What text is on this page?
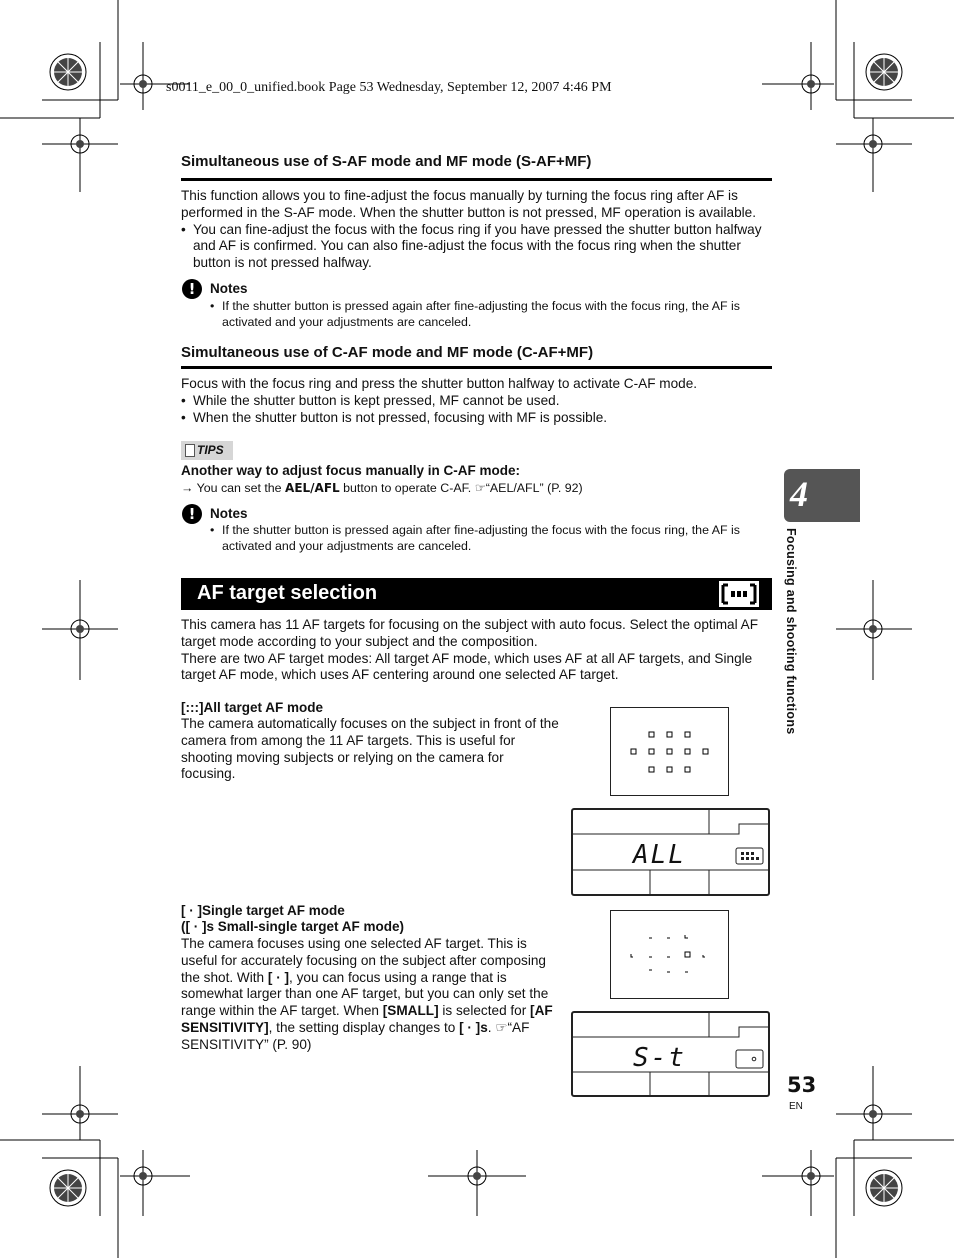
s0011_e_00_0_unified.book Page 53 Wednesday, September 12, 2007 4:46 PM
Simultaneous use of S-AF mode and MF mode (S-AF+MF)

This function allows you to fine-adjust the focus manually by turning the focus ring after AF is performed in the S-AF mode. When the shutter button is not pressed, MF operation is available.

• You can fine-adjust the focus with the focus ring if you have pressed the shutter button halfway and AF is confirmed. You can also fine-adjust the focus with the focus ring when the shutter button is not pressed halfway.

!	Notes

• If the shutter button is pressed again after fine-adjusting the focus with the focus ring, the AF is activated and your adjustments are canceled.

Simultaneous use of C-AF mode and MF mode (C-AF+MF)

Focus with the focus ring and press the shutter button halfway to activate C-AF mode.

• While the shutter button is kept pressed, MF cannot be used.

• When the shutter button is not pressed, focusing with MF is possible.

TIPS
Another way to adjust focus manually in C-AF mode:
→ You can set the AEL/AFL button to operate C-AF. ☞“AEL/AFL” (P. 92)
!	Notes

• If the shutter button is pressed again after fine-adjusting the focus with the focus ring, the AF is activated and your adjustments are canceled.

AF target selection

This camera has 11 AF targets for focusing on the subject with auto focus. Select the optimal AF target mode according to your subject and the composition.

There are two AF target modes: All target AF mode, which uses AF at all AF targets, and Single target AF mode, which uses AF centering around one selected AF target.

[:::]All target AF mode
The camera automatically focuses on the subject in front of the camera from among the 11 AF targets. This is useful for shooting moving subjects or relying on the camera for focusing.
ALL
[ · ]Single target AF mode
([ · ]s Small-single target AF mode)
The camera focuses using one selected AF target. This is useful for accurately focusing on the subject after composing the shot. With [ · ], you can focus using a range that is somewhat larger than one AF target, but you can only set the range within the AF target. When [SMALL] is selected for [AF SENSITIVITY], the setting display changes to [ · ]s. ☞“AF SENSITIVITY” (P. 90)	S-t
4
Focusing and shooting functions
53
EN
